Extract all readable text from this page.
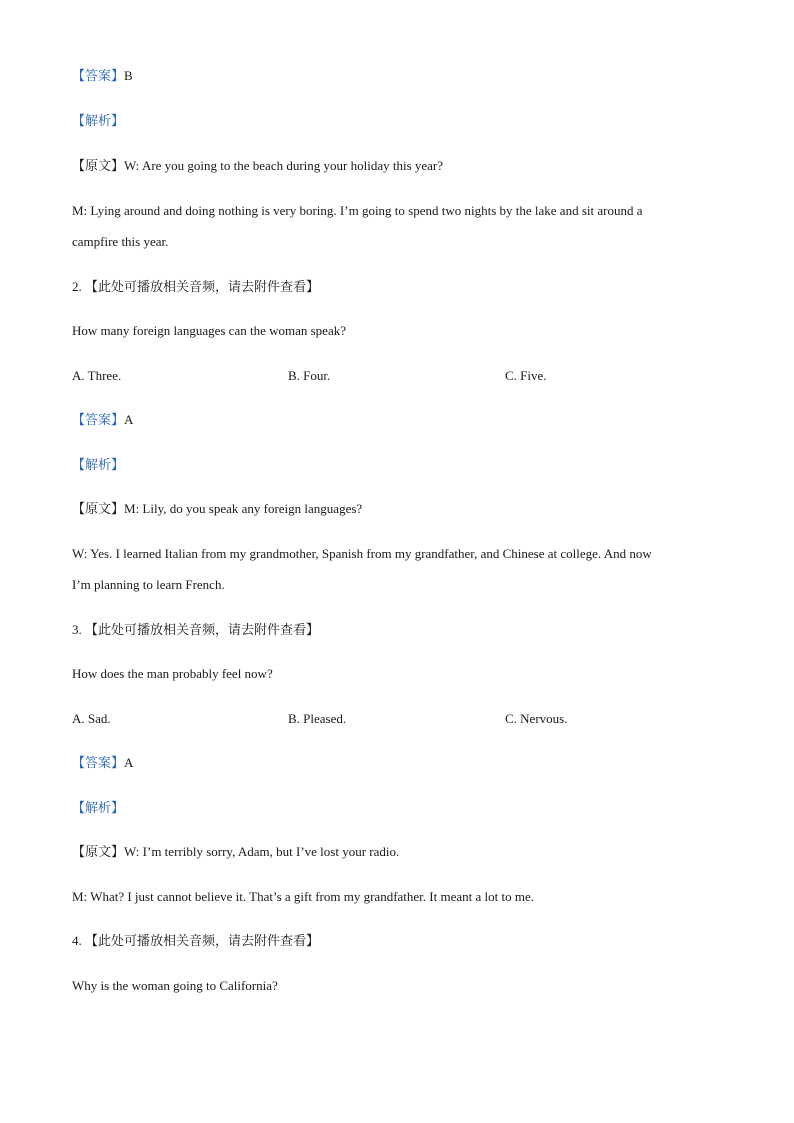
【答案】B
【解析】
【原文】W: Are you going to the beach during your holiday this year?
M: Lying around and doing nothing is very boring. I’m going to spend two nights by the lake and sit around a
campfire this year.
2. 【此处可播放相关音频，请去附件查看】
How many foreign languages can the woman speak?
A. Three.	B. Four.	C. Five.
【答案】A
【解析】
【原文】M: Lily, do you speak any foreign languages?
W: Yes. I learned Italian from my grandmother, Spanish from my grandfather, and Chinese at college. And now
I’m planning to learn French.
3. 【此处可播放相关音频，请去附件查看】
How does the man probably feel now?
A. Sad.	B. Pleased.	C. Nervous.
【答案】A
【解析】
【原文】W: I’m terribly sorry, Adam, but I’ve lost your radio.
M: What? I just cannot believe it. That’s a gift from my grandfather. It meant a lot to me.
4. 【此处可播放相关音频，请去附件查看】
Why is the woman going to California?
